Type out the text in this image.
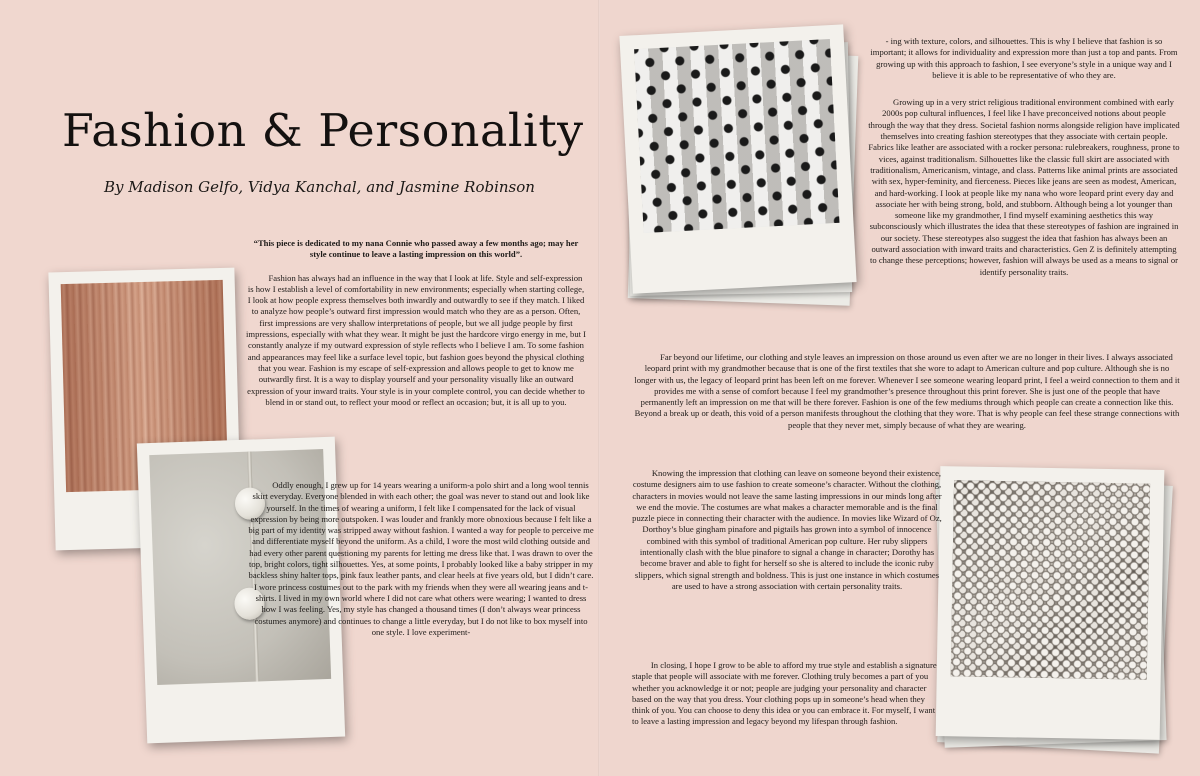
Fashion & Personality

By Madison Gelfo, Vidya Kanchal, and Jasmine Robinson

“This piece is dedicated to my nana Connie who passed away a few months ago; may her style continue to leave a lasting impression on this world”.

Fashion has always had an influence in the way that I look at life. Style and self-expression is how I establish a level of comfortability in new environments; especially when starting college, I look at how people express themselves both inwardly and outwardly to see if they match. I liked to analyze how people’s outward first impression would match who they are as a person. Often, first impressions are very shallow interpretations of people, but we all judge people by first impressions, especially with what they wear. It might be just the hardcore virgo energy in me, but I constantly analyze if my outward expression of style reflects who I believe I am. To some fashion and appearances may feel like a surface level topic, but fashion goes beyond the physical clothing that you wear. Fashion is my escape of self-expression and allows people to get to know me outwardly first. It is a way to display yourself and your personality visually like an outward expression of your inward traits. Your style is in your complete control, you can decide whether to blend in or stand out, to reflect your mood or reflect an occasion; but, it is all up to you.

Oddly enough, I grew up for 14 years wearing a uniform-a polo shirt and a long wool tennis skirt everyday. Everyone blended in with each other; the goal was never to stand out and look like yourself. In the times of wearing a uniform, I felt like I compensated for the lack of visual expression by being more outspoken. I was louder and frankly more obnoxious because I felt like a big part of my identity was stripped away without fashion. I wanted a way for people to perceive me and differentiate myself beyond the uniform. As a child, I wore the most wild clothing outside and had every other parent questioning my parents for letting me dress like that. I was drawn to over the top, bright colors, tight silhouettes. Yes, at some points, I probably looked like a baby stripper in my backless shiny halter tops, pink faux leather pants, and clear heels at five years old, but I didn’t care. I wore princess costumes out to the park with my friends when they were all wearing jeans and t-shirts. I lived in my own world where I did not care what others were wearing; I wanted to dress how I was feeling. Yes, my style has changed a thousand times (I don’t always wear princess costumes anymore) and continues to change a little everyday, but I do not like to box myself into one style. I love experiment-

- ing with texture, colors, and silhouettes. This is why I believe that fashion is so important; it allows for individuality and expression more than just a top and pants. From growing up with this approach to fashion, I see everyone’s style in a unique way and I believe it is able to be representative of who they are.

Growing up in a very strict religious traditional environment combined with early 2000s pop cultural influences, I feel like I have preconceived notions about people through the way that they dress. Societal fashion norms alongside religion have implicated themselves into creating fashion stereotypes that they associate with certain people. Fabrics like leather are associated with a rocker persona: rulebreakers, roughness, prone to vices, against traditionalism. Silhouettes like the classic full skirt are associated with traditionalism, Americanism, vintage, and class. Patterns like animal prints are associated with sex, hyper-feminity, and fierceness. Pieces like jeans are seen as modest, American, and hard-working. I look at people like my nana who wore leopard print every day and associate her with being strong, bold, and stubborn. Although being a lot younger than someone like my grandmother, I find myself examining aesthetics this way subconsciously which illustrates the idea that these stereotypes of fashion are ingrained in our society. These stereotypes also suggest the idea that fashion has always been an outward association with inward traits and characteristics. Gen Z is definitely attempting to change these perceptions; however, fashion will always be used as a means to signal or identify personality traits.

Far beyond our lifetime, our clothing and style leaves an impression on those around us even after we are no longer in their lives. I always associated leopard print with my grandmother because that is one of the first textiles that she wore to adapt to American culture and pop culture. Although she is no longer with us, the legacy of leopard print has been left on me forever. Whenever I see someone wearing leopard print, I feel a weird connection to them and it provides me with a sense of comfort because I feel my grandmother’s presence throughout this print forever. She is just one of the people that have permanently left an impression on me that will be there forever. Fashion is one of the few mediums through which people can create a connection like this. Beyond a break up or death, this void of a person manifests throughout the clothing that they wore. That is why people can feel these strange connections with people that they never met, simply because of what they are wearing.

Knowing the impression that clothing can leave on someone beyond their existence, costume designers aim to use fashion to create someone’s character. Without the clothing, characters in movies would not leave the same lasting impressions in our minds long after we end the movie. The costumes are what makes a character memorable and is the final puzzle piece in connecting their character with the audience. In movies like Wizard of Oz, Dorthoy’s blue gingham pinafore and pigtails has grown into a symbol of innocence combined with this symbol of traditional American pop culture. Her ruby slippers intentionally clash with the blue pinafore to signal a change in character; Dorothy has become braver and able to fight for herself so she is altered to include the iconic ruby slippers, which signal strength and boldness. This is just one instance in which costumes are used to have a strong association with certain personality traits.

In closing, I hope I grow to be able to afford my true style and establish a signature staple that people will associate with me forever. Clothing truly becomes a part of you whether you acknowledge it or not; people are judging your personality and character based on the way that you dress. Your clothing pops up in someone’s head when they think of you. You can choose to deny this idea or you can embrace it. For myself, I want to leave a lasting impression and legacy beyond my lifespan through fashion.
